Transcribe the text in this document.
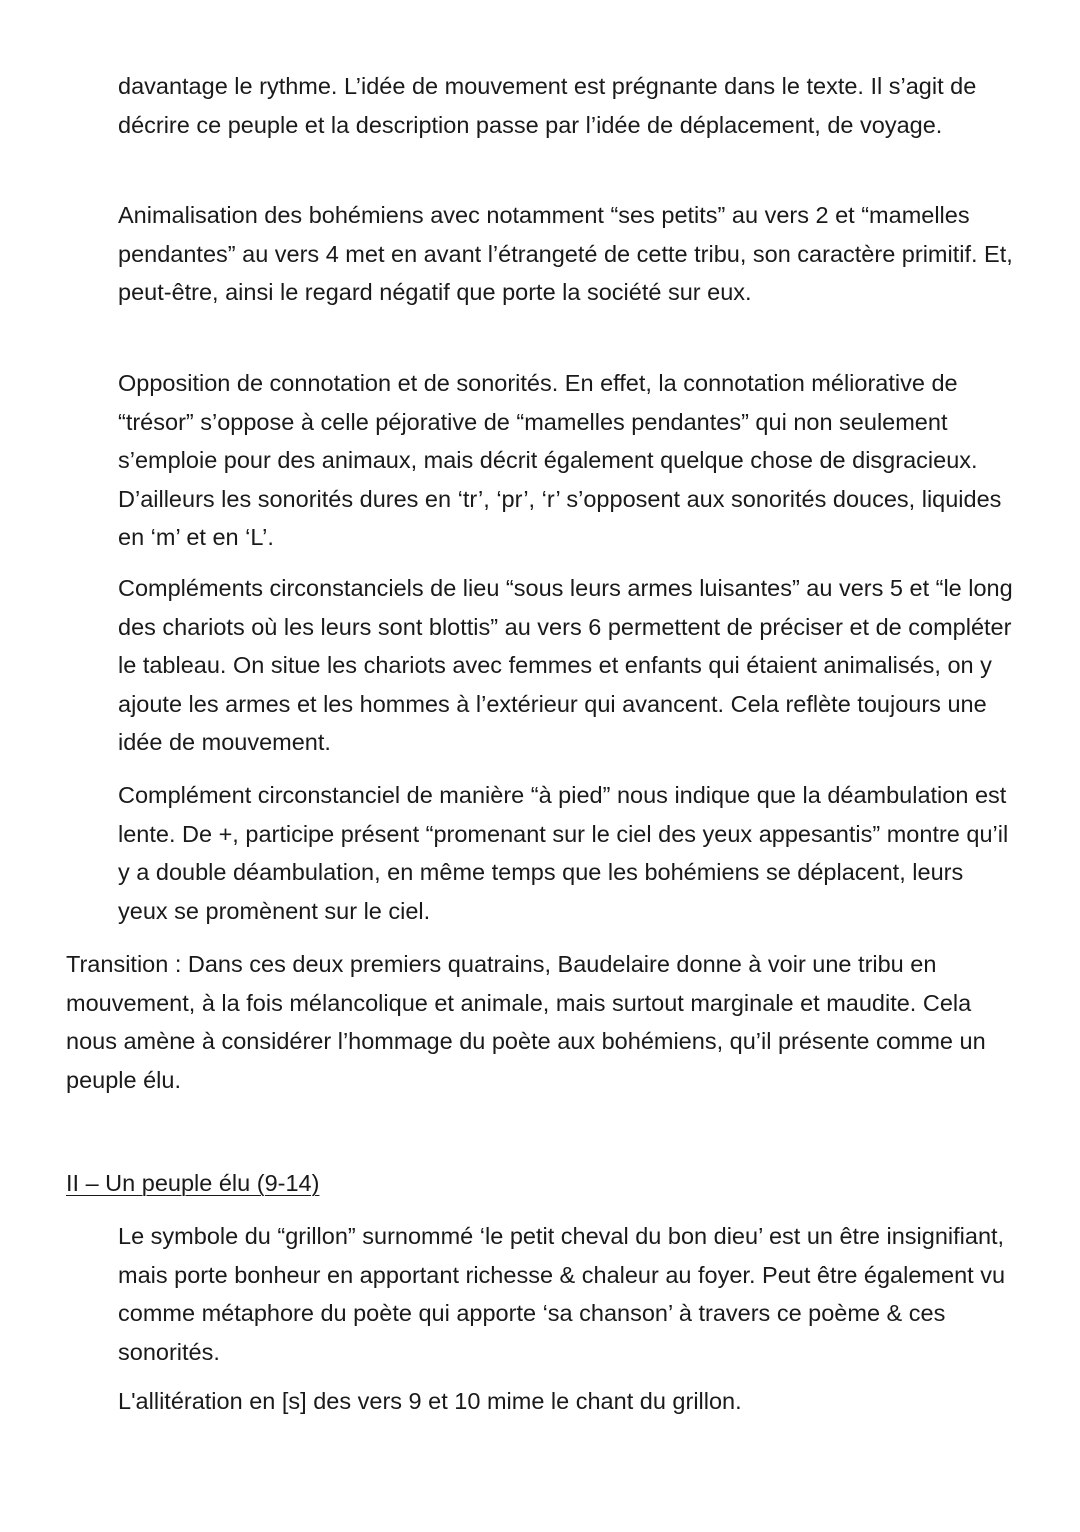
davantage le rythme. L’idée de mouvement est prégnante dans le texte. Il s’agit de décrire ce peuple et la description passe par l’idée de déplacement, de voyage.

Animalisation des bohémiens avec notamment “ses petits” au vers 2 et “mamelles pendantes” au vers 4 met en avant l’étrangeté de cette tribu, son caractère primitif. Et, peut-être, ainsi le regard négatif que porte la société sur eux.

Opposition de connotation et de sonorités. En effet, la connotation méliorative de “trésor” s’oppose à celle péjorative de “mamelles pendantes” qui non seulement s’emploie pour des animaux, mais décrit également quelque chose de disgracieux. D’ailleurs les sonorités dures en ‘tr’, ‘pr’, ‘r’ s’opposent aux sonorités douces, liquides en ‘m’ et en ‘L’.

Compléments circonstanciels de lieu “sous leurs armes luisantes” au vers 5 et “le long des chariots où les leurs sont blottis” au vers 6 permettent de préciser et de compléter le tableau. On situe les chariots avec femmes et enfants qui étaient animalisés, on y ajoute les armes et les hommes à l’extérieur qui avancent. Cela reflète toujours une idée de mouvement.

Complément circonstanciel de manière “à pied” nous indique que la déambulation est lente. De +, participe présent “promenant sur le ciel des yeux appesantis” montre qu’il y a double déambulation, en même temps que les bohémiens se déplacent, leurs yeux se promènent sur le ciel.

Transition : Dans ces deux premiers quatrains, Baudelaire donne à voir une tribu en mouvement, à la fois mélancolique et animale, mais surtout marginale et maudite. Cela nous amène à considérer l’hommage du poète aux bohémiens, qu’il présente comme un peuple élu.

II – Un peuple élu (9-14)

Le symbole du “grillon” surnommé ‘le petit cheval du bon dieu’ est un être insignifiant, mais porte bonheur en apportant richesse & chaleur au foyer. Peut être également vu comme métaphore du poète qui apporte ‘sa chanson’ à travers ce poème & ces sonorités.

L'allitération en [s] des vers 9 et 10 mime le chant du grillon.
